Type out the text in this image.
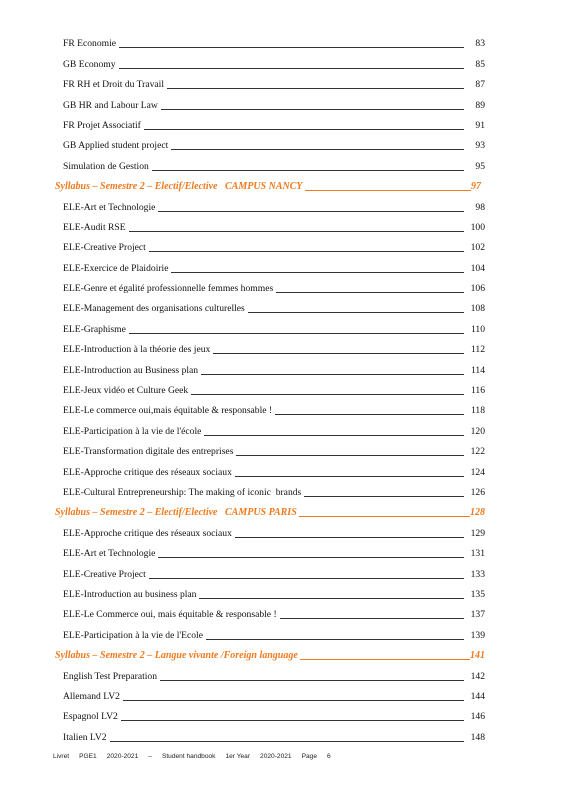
FR Economie	83
GB Economy	85
FR RH et Droit du Travail	87
GB HR and Labour Law	89
FR Projet Associatif	91
GB Applied student project	93
Simulation de Gestion	95
Syllabus – Semestre 2 – Electif/Elective   CAMPUS NANCY	97
ELE-Art et Technologie	98
ELE-Audit RSE	100
ELE-Creative Project	102
ELE-Exercice de Plaidoirie	104
ELE-Genre et égalité professionnelle femmes hommes	106
ELE-Management des organisations culturelles	108
ELE-Graphisme	110
ELE-Introduction à la théorie des jeux	112
ELE-Introduction au Business plan	114
ELE-Jeux vidéo et Culture Geek	116
ELE-Le commerce oui,mais équitable & responsable !	118
ELE-Participation à la vie de l'école	120
ELE-Transformation digitale des entreprises	122
ELE-Approche critique des réseaux sociaux	124
ELE-Cultural Entrepreneurship: The making of iconic  brands	126
Syllabus – Semestre 2 – Electif/Elective   CAMPUS PARIS	128
ELE-Approche critique des réseaux sociaux	129
ELE-Art et Technologie	131
ELE-Creative Project	133
ELE-Introduction au business plan	135
ELE-Le Commerce oui, mais équitable & responsable !	137
ELE-Participation à la vie de l'Ecole	139
Syllabus – Semestre 2 – Langue vivante /Foreign language	141
English Test Preparation	142
Allemand LV2	144
Espagnol LV2	146
Italien LV2	148
Livret PGE1 2020-2021 – Student handbook 1er Year 2020-2021 Page 6
